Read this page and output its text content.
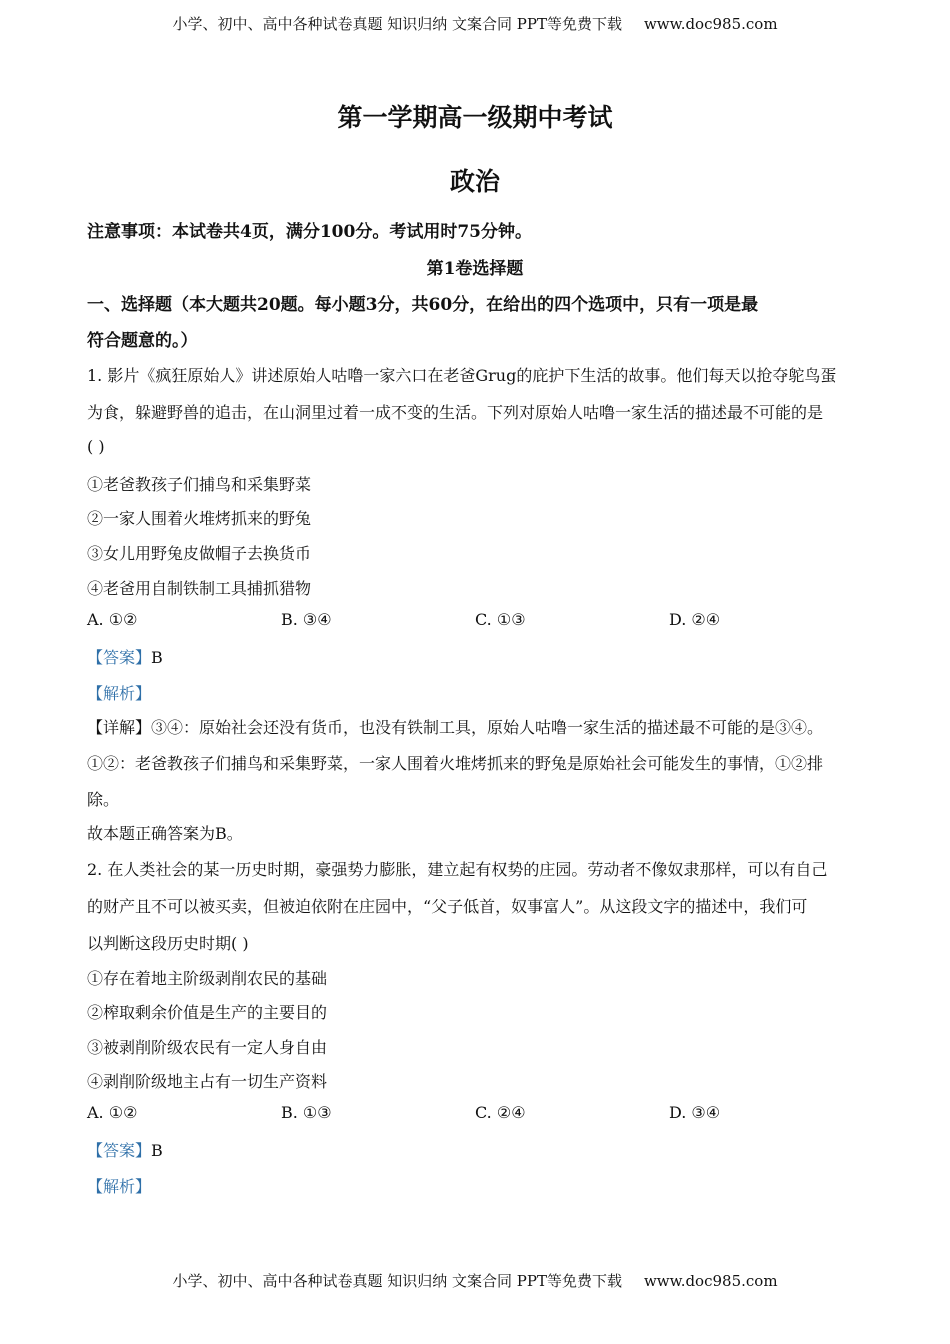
小学、初中、高中各种试卷真题 知识归纳 文案合同 PPT等免费下载 www.doc985.com
第一学期高一级期中考试
政治
注意事项：本试卷共4页，满分100分。考试用时75分钟。
第1卷选择题
一、选择题（本大题共20题。每小题3分，共60分，在给出的四个选项中，只有一项是最
符合题意的。）
1. 影片《疯狂原始人》讲述原始人咕噜一家六口在老爸Grug的庇护下生活的故事。他们每天以抢夺鸵鸟蛋
为食，躲避野兽的追击，在山洞里过着一成不变的生活。下列对原始人咕噜一家生活的描述最不可能的是
( )
①老爸教孩子们捕鸟和采集野菜
②一家人围着火堆烤抓来的野兔
③女儿用野兔皮做帽子去换货币
④老爸用自制铁制工具捕抓猎物
A. ①②	B. ③④	C. ①③	D. ②④
【答案】B
【解析】
【详解】③④：原始社会还没有货币，也没有铁制工具，原始人咕噜一家生活的描述最不可能的是③④。
①②：老爸教孩子们捕鸟和采集野菜，一家人围着火堆烤抓来的野兔是原始社会可能发生的事情，①②排
除。
故本题正确答案为B。
2. 在人类社会的某一历史时期，豪强势力膨胀，建立起有权势的庄园。劳动者不像奴隶那样，可以有自己
的财产且不可以被买卖，但被迫依附在庄园中，“父子低首，奴事富人”。从这段文字的描述中，我们可
以判断这段历史时期( )
①存在着地主阶级剥削农民的基础
②榨取剩余价值是生产的主要目的
③被剥削阶级农民有一定人身自由
④剥削阶级地主占有一切生产资料
A. ①②	B. ①③	C. ②④	D. ③④
【答案】B
【解析】
小学、初中、高中各种试卷真题 知识归纳 文案合同 PPT等免费下载 www.doc985.com
